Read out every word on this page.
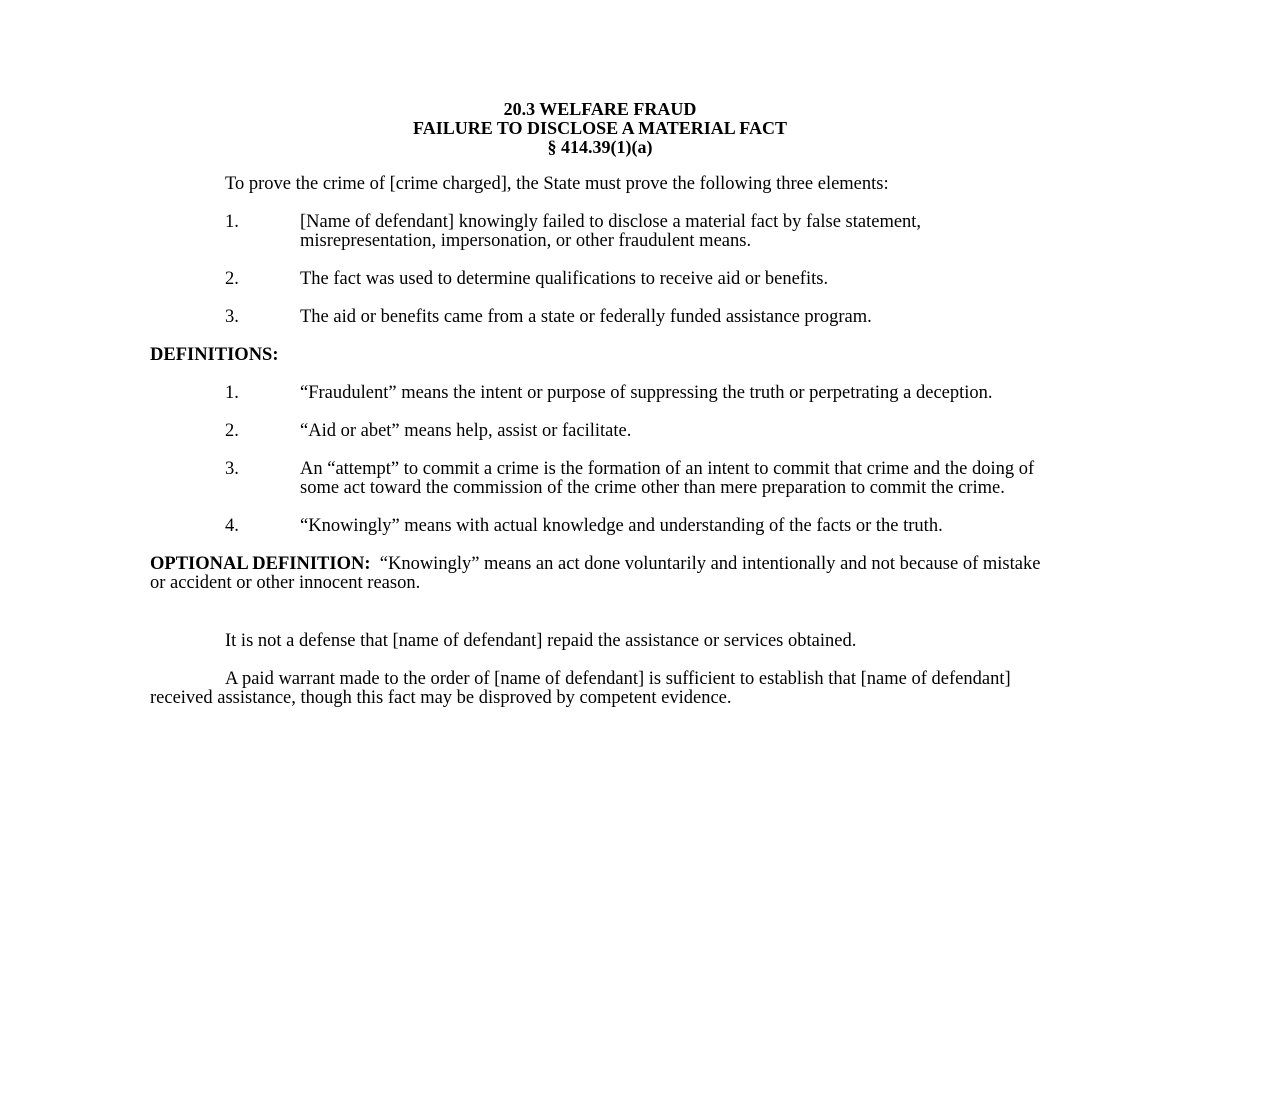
20.3 WELFARE FRAUD
FAILURE TO DISCLOSE A MATERIAL FACT
§ 414.39(1)(a)

To prove the crime of [crime charged], the State must prove the following three elements:

1.	[Name of defendant] knowingly failed to disclose a material fact by false statement, misrepresentation, impersonation, or other fraudulent means.
2.	The fact was used to determine qualifications to receive aid or benefits.
3.	The aid or benefits came from a state or federally funded assistance program.
DEFINITIONS:
1.	“Fraudulent” means the intent or purpose of suppressing the truth or perpetrating a deception.
2.	“Aid or abet” means help, assist or facilitate.
3.	An “attempt” to commit a crime is the formation of an intent to commit that crime and the doing of some act toward the commission of the crime other than mere preparation to commit the crime.
4.	“Knowingly” means with actual knowledge and understanding of the facts or the truth.

OPTIONAL DEFINITION: “Knowingly” means an act done voluntarily and intentionally and not because of mistake or accident or other innocent reason.

It is not a defense that [name of defendant] repaid the assistance or services obtained.

A paid warrant made to the order of [name of defendant] is sufficient to establish that [name of defendant] received assistance, though this fact may be disproved by competent evidence.
